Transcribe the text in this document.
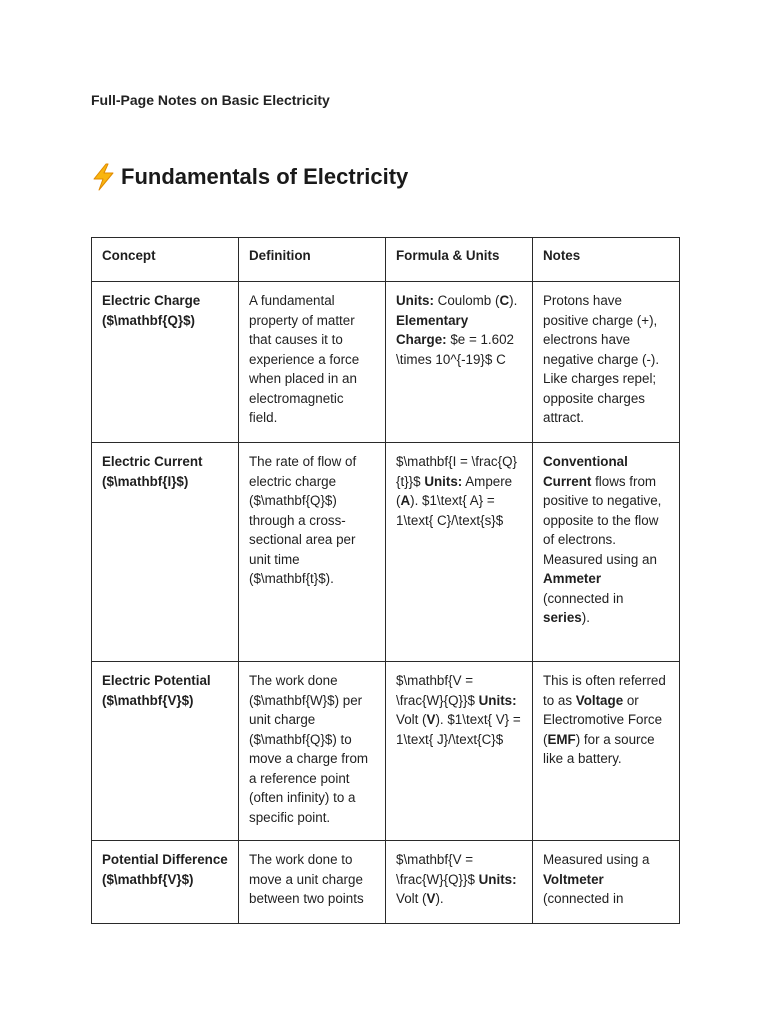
Full-Page Notes on Basic Electricity
Fundamentals of Electricity
Concept	Definition	Formula & Units	Notes
Electric Charge
($\mathbf{Q}$)	A fundamental property of matter that causes it to experience a force when placed in an electromagnetic field.	Units: Coulomb (C). Elementary Charge: $e = 1.602 \times 10^{-19}$ C	Protons have positive charge (+), electrons have negative charge (-). Like charges repel; opposite charges attract.
Electric Current
($\mathbf{I}$)	The rate of flow of electric charge ($\mathbf{Q}$) through a cross-sectional area per unit time ($\mathbf{t}$).	$\mathbf{I = \frac{Q}{t}}$ Units: Ampere (A). $1\text{ A} = 1\text{ C}/\text{s}$	Conventional Current flows from positive to negative, opposite to the flow of electrons. Measured using an Ammeter (connected in series).
Electric Potential
($\mathbf{V}$)	The work done ($\mathbf{W}$) per unit charge ($\mathbf{Q}$) to move a charge from a reference point (often infinity) to a specific point.	$\mathbf{V = \frac{W}{Q}}$ Units: Volt (V). $1\text{ V} = 1\text{ J}/\text{C}$	This is often referred to as Voltage or Electromotive Force (EMF) for a source like a battery.
Potential Difference
($\mathbf{V}$)	The work done to move a unit charge between two points	$\mathbf{V = \frac{W}{Q}}$ Units: Volt (V).	Measured using a Voltmeter (connected in
